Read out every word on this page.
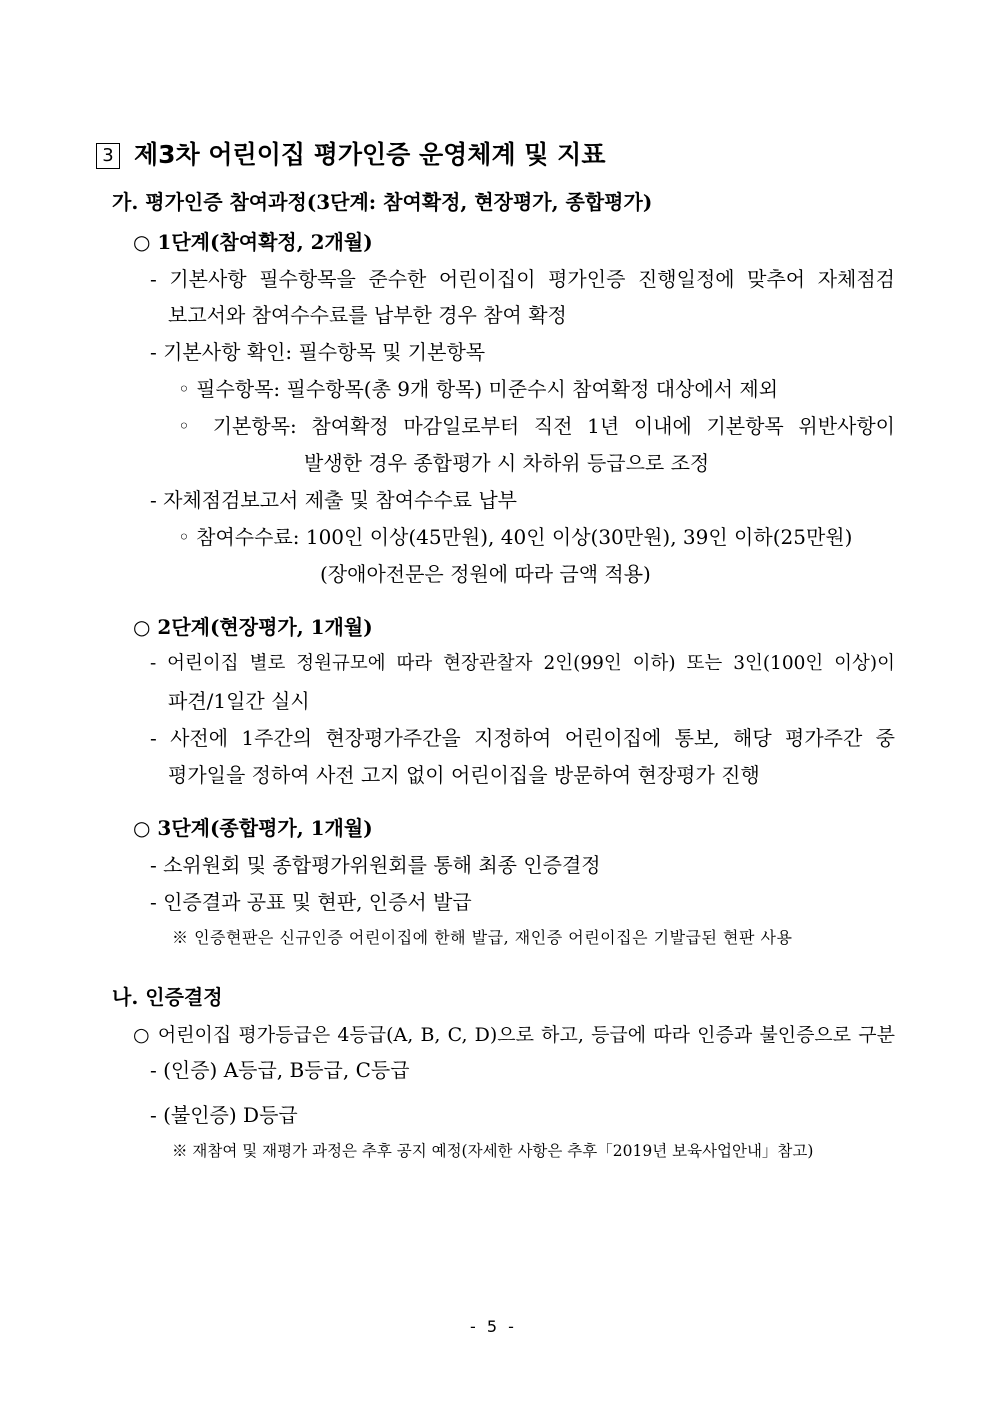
3 제3차 어린이집 평가인증 운영체계 및 지표
가. 평가인증 참여과정(3단계: 참여확정, 현장평가, 종합평가)
○ 1단계(참여확정, 2개월)
- 기본사항 필수항목을 준수한 어린이집이 평가인증 진행일정에 맞추어 자체점검
보고서와 참여수수료를 납부한 경우 참여 확정
- 기본사항 확인: 필수항목 및 기본항목
◦ 필수항목: 필수항목(총 9개 항목) 미준수시 참여확정 대상에서 제외
◦ 기본항목: 참여확정 마감일로부터 직전 1년 이내에 기본항목 위반사항이
발생한 경우 종합평가 시 차하위 등급으로 조정
- 자체점검보고서 제출 및 참여수수료 납부
◦ 참여수수료: 100인 이상(45만원), 40인 이상(30만원), 39인 이하(25만원)
(장애아전문은 정원에 따라 금액 적용)
○ 2단계(현장평가, 1개월)
- 어린이집 별로 정원규모에 따라 현장관찰자 2인(99인 이하) 또는 3인(100인 이상)이
파견/1일간 실시
- 사전에 1주간의 현장평가주간을 지정하여 어린이집에 통보, 해당 평가주간 중
평가일을 정하여 사전 고지 없이 어린이집을 방문하여 현장평가 진행
○ 3단계(종합평가, 1개월)
- 소위원회 및 종합평가위원회를 통해 최종 인증결정
- 인증결과 공표 및 현판, 인증서 발급
※ 인증현판은 신규인증 어린이집에 한해 발급, 재인증 어린이집은 기발급된 현판 사용
나. 인증결정
○ 어린이집 평가등급은 4등급(A, B, C, D)으로 하고, 등급에 따라 인증과 불인증으로 구분
- (인증) A등급, B등급, C등급
- (불인증) D등급
※ 재참여 및 재평가 과정은 추후 공지 예정(자세한 사항은 추후「2019년 보육사업안내」참고)
- 5 -
